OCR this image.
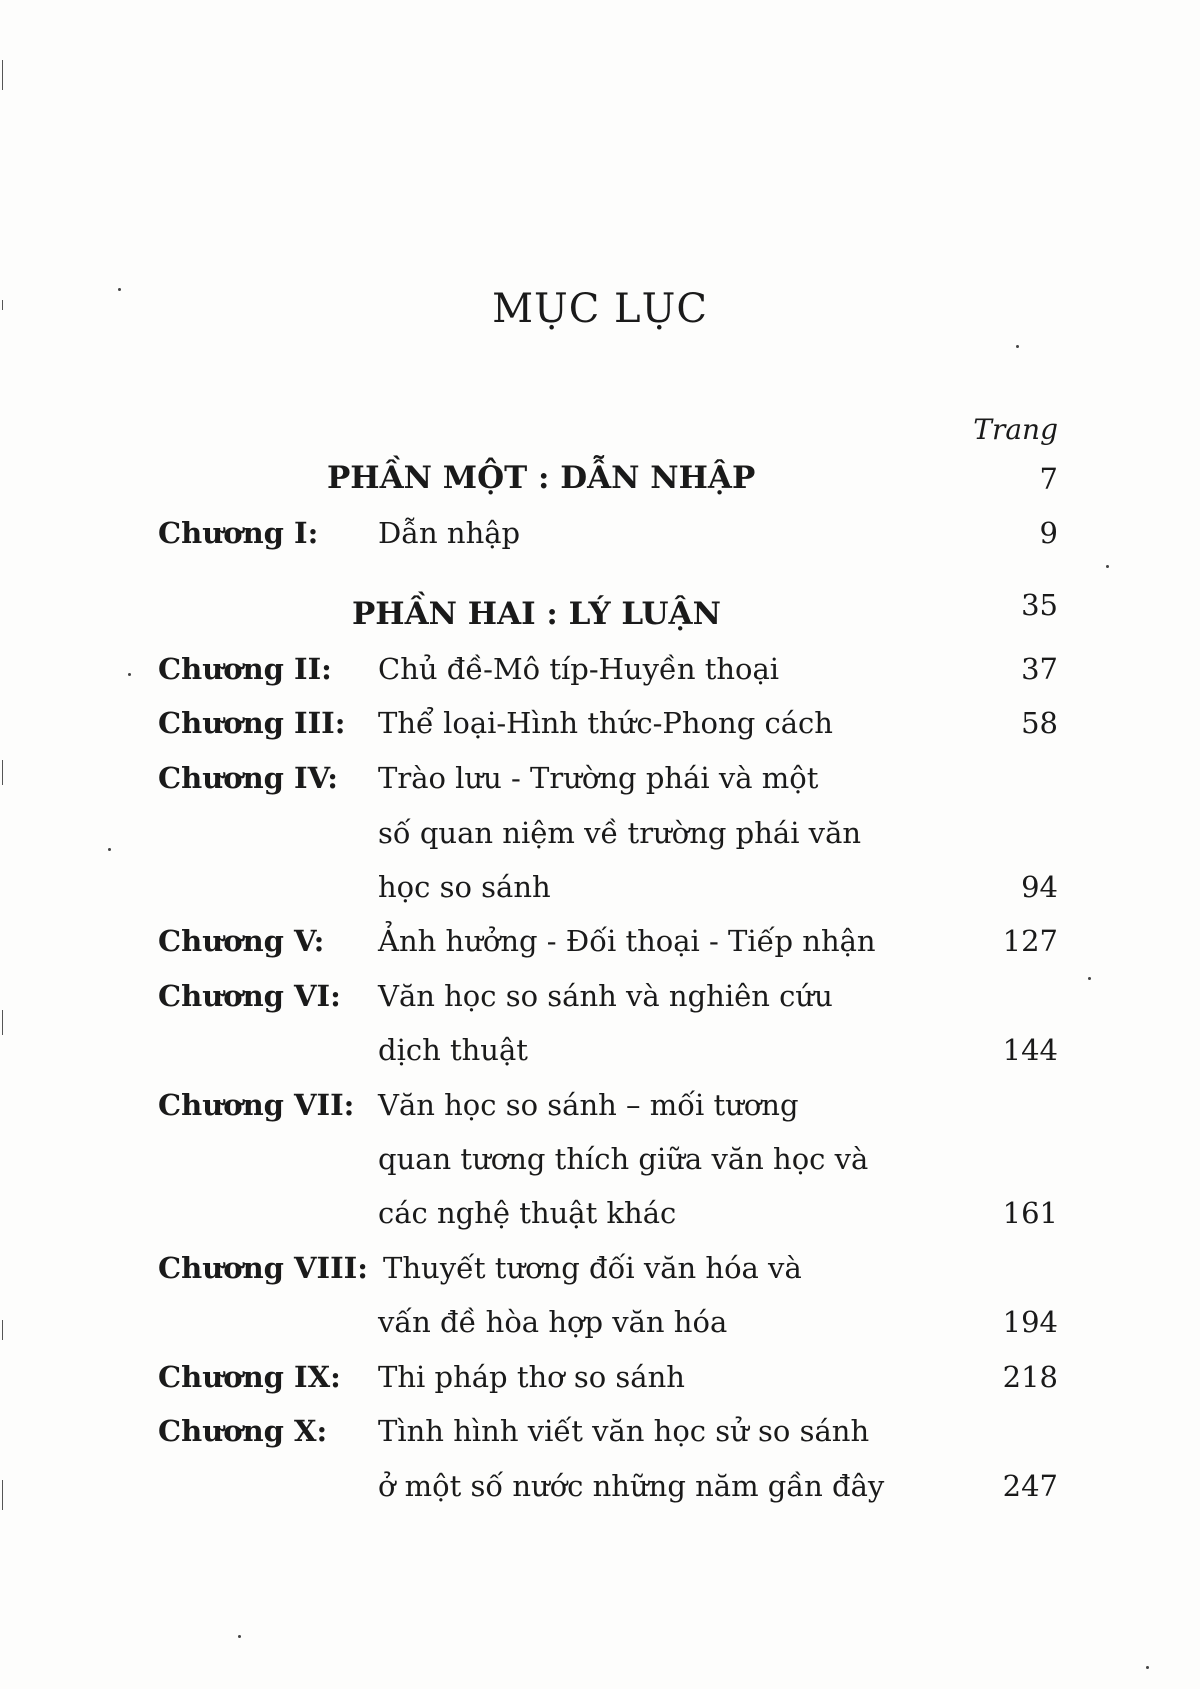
MỤC LỤC
Trang
PHẦN MỘT : DẪN NHẬP	7
Chương I: Dẫn nhập	9
PHẦN HAI : LÝ LUẬN	35
Chương II: Chủ đề-Mô típ-Huyền thoại	37
Chương III: Thể loại-Hình thức-Phong cách	58
Chương IV: Trào lưu - Trường phái và một
số quan niệm về trường phái văn
học so sánh	94
Chương V: Ảnh hưởng - Đối thoại - Tiếp nhận	127
Chương VI: Văn học so sánh và nghiên cứu
dịch thuật	144
Chương VII: Văn học so sánh – mối tương
quan tương thích giữa văn học và
các nghệ thuật khác	161
Chương VIII: Thuyết tương đối văn hóa và
vấn đề hòa hợp văn hóa	194
Chương IX: Thi pháp thơ so sánh	218
Chương X: Tình hình viết văn học sử so sánh
ở một số nước những năm gần đây	247
